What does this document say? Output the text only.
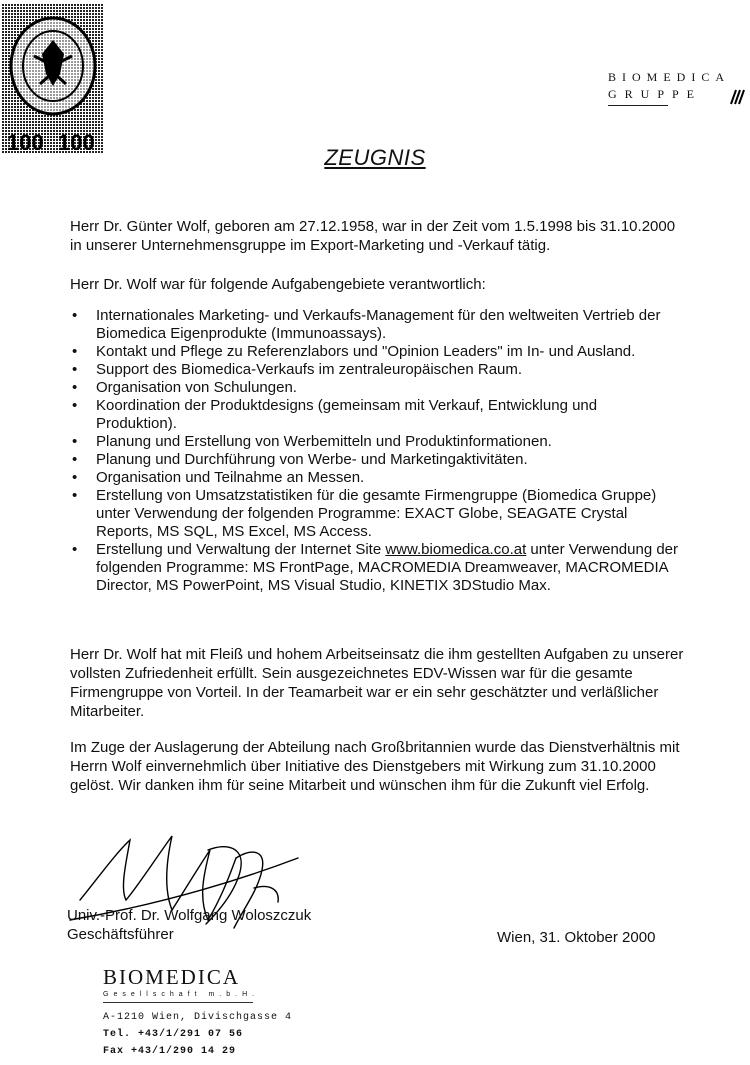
100 100
BIOMEDICA
GRUPPE
ZEUGNIS
Herr Dr. Günter Wolf, geboren am 27.12.1958, war in der Zeit vom 1.5.1998 bis 31.10.2000 in unserer Unternehmensgruppe im Export-Marketing und -Verkauf tätig.
Herr Dr. Wolf war für folgende Aufgabengebiete verantwortlich:
• Internationales Marketing- und Verkaufs-Management für den weltweiten Vertrieb der Biomedica Eigenprodukte (Immunoassays).
• Kontakt und Pflege zu Referenzlabors und "Opinion Leaders" im In- und Ausland.
• Support des Biomedica-Verkaufs im zentraleuropäischen Raum.
• Organisation von Schulungen.
• Koordination der Produktdesigns (gemeinsam mit Verkauf, Entwicklung und Produktion).
• Planung und Erstellung von Werbemitteln und Produktinformationen.
• Planung und Durchführung von Werbe- und Marketingaktivitäten.
• Organisation und Teilnahme an Messen.
• Erstellung von Umsatzstatistiken für die gesamte Firmengruppe (Biomedica Gruppe) unter Verwendung der folgenden Programme: EXACT Globe, SEAGATE Crystal Reports, MS SQL, MS Excel, MS Access.
• Erstellung und Verwaltung der Internet Site www.biomedica.co.at unter Verwendung der folgenden Programme: MS FrontPage, MACROMEDIA Dreamweaver, MACROMEDIA Director, MS PowerPoint, MS Visual Studio, KINETIX 3DStudio Max.
Herr Dr. Wolf hat mit Fleiß und hohem Arbeitseinsatz die ihm gestellten Aufgaben zu unserer vollsten Zufriedenheit erfüllt. Sein ausgezeichnetes EDV-Wissen war für die gesamte Firmengruppe von Vorteil. In der Teamarbeit war er ein sehr geschätzter und verläßlicher Mitarbeiter.
Im Zuge der Auslagerung der Abteilung nach Großbritannien wurde das Dienstverhältnis mit Herrn Wolf einvernehmlich über Initiative des Dienstgebers mit Wirkung zum 31.10.2000 gelöst. Wir danken ihm für seine Mitarbeit und wünschen ihm für die Zukunft viel Erfolg.
Univ.-Prof. Dr. Wolfgang Woloszczuk
Geschäftsführer	Wien, 31. Oktober 2000
BIOMEDICA
Gesellschaft m.b.H.
A-1210 Wien, Divischgasse 4
Tel. +43/1/291 07 56
Fax +43/1/290 14 29
